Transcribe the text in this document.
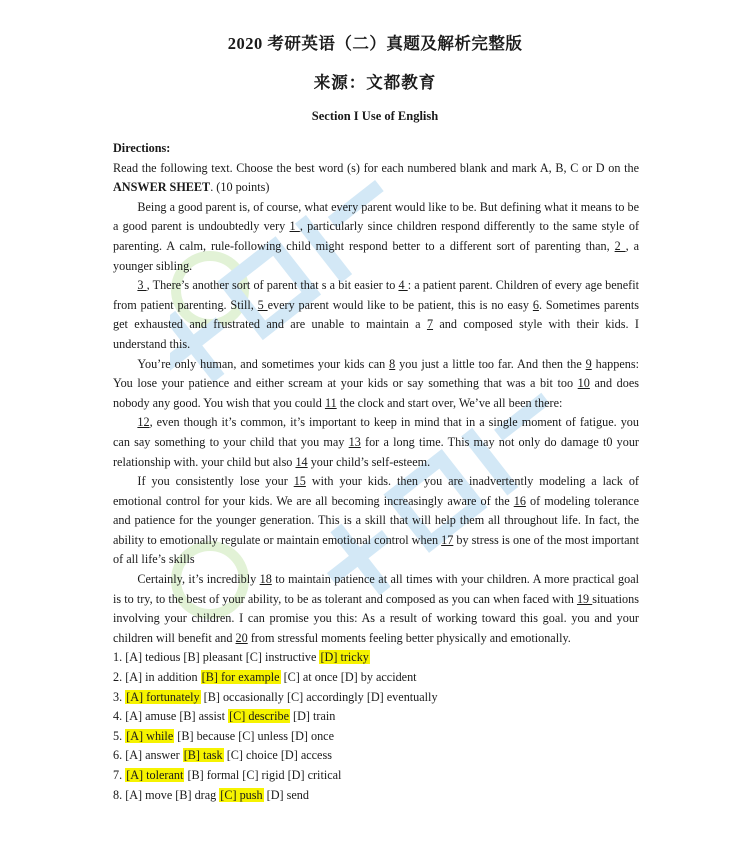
2020 考研英语（二）真题及解析完整版
来源：文都教育
Section I Use of English

Directions:

Read the following text. Choose the best word (s) for each numbered blank and mark A, B, C or D on the ANSWER SHEET. (10 points)

Being a good parent is, of course, what every parent would like to be. But defining what it means to be a good parent is undoubtedly very 1 , particularly since children respond differently to the same style of parenting. A calm, rule-following child might respond better to a different sort of parenting than, 2 , a younger sibling.

3 , There’s another sort of parent that s a bit easier to 4 : a patient parent. Children of every age benefit from patient parenting. Still, 5 every parent would like to be patient, this is no easy 6. Sometimes parents get exhausted and frustrated and are unable to maintain a 7 and composed style with their kids. I understand this.

You’re only human, and sometimes your kids can 8 you just a little too far. And then the 9 happens: You lose your patience and either scream at your kids or say something that was a bit too 10 and does nobody any good. You wish that you could 11 the clock and start over, We’ve all been there:

12, even though it’s common, it’s important to keep in mind that in a single moment of fatigue. you can say something to your child that you may 13 for a long time. This may not only do damage t0 your relationship with. your child but also 14 your child’s self-esteem.

If you consistently lose your 15 with your kids. then you are inadvertently modeling a lack of emotional control for your kids. We are all becoming increasingly aware of the 16 of modeling tolerance and patience for the younger generation. This is a skill that will help them all throughout life. In fact, the ability to emotionally regulate or maintain emotional control when 17 by stress is one of the most important of all life’s skills

Certainly, it’s incredibly 18 to maintain patience at all times with your children. A more practical goal is to try, to the best of your ability, to be as tolerant and composed as you can when faced with 19 situations involving your children. I can promise you this: As a result of working toward this goal. you and your children will benefit and 20 from stressful moments feeling better physically and emotionally.

1. [A] tedious [B] pleasant [C] instructive [D] tricky
2. [A] in addition [B] for example [C] at once [D] by accident
3. [A] fortunately [B] occasionally [C] accordingly [D] eventually
4. [A] amuse [B] assist [C] describe [D] train
5. [A] while [B] because [C] unless [D] once
6. [A] answer [B] task [C] choice [D] access
7. [A] tolerant [B] formal [C] rigid [D] critical
8. [A] move [B] drag [C] push [D] send
